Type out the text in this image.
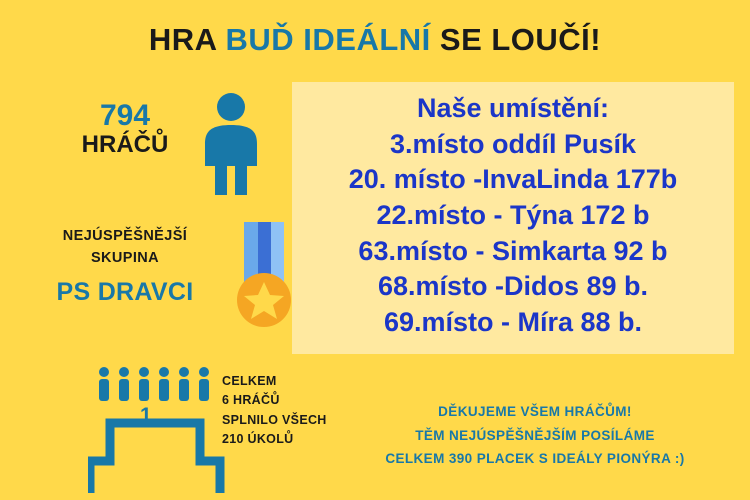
HRA BUĎ IDEÁLNÍ SE LOUČÍ!
794
HRÁČŮ
NEJÚSPĚŠNĚJŠÍ
SKUPINA
PS DRAVCI
1.
CELKEM
6 HRÁČŮ
SPLNILO VŠECH
210 ÚKOLŮ
Naše umístění:
3.místo oddíl Pusík
20. místo -InvaLinda 177b
22.místo - Týna 172 b
63.místo - Simkarta 92 b
68.místo -Didos 89 b.
69.místo - Míra 88 b.
DĚKUJEME VŠEM HRÁČŮM!
TĚM NEJÚSPĚŠNĚJŠÍM POSÍLÁME
CELKEM 390 PLACEK S IDEÁLY PIONÝRA :)
